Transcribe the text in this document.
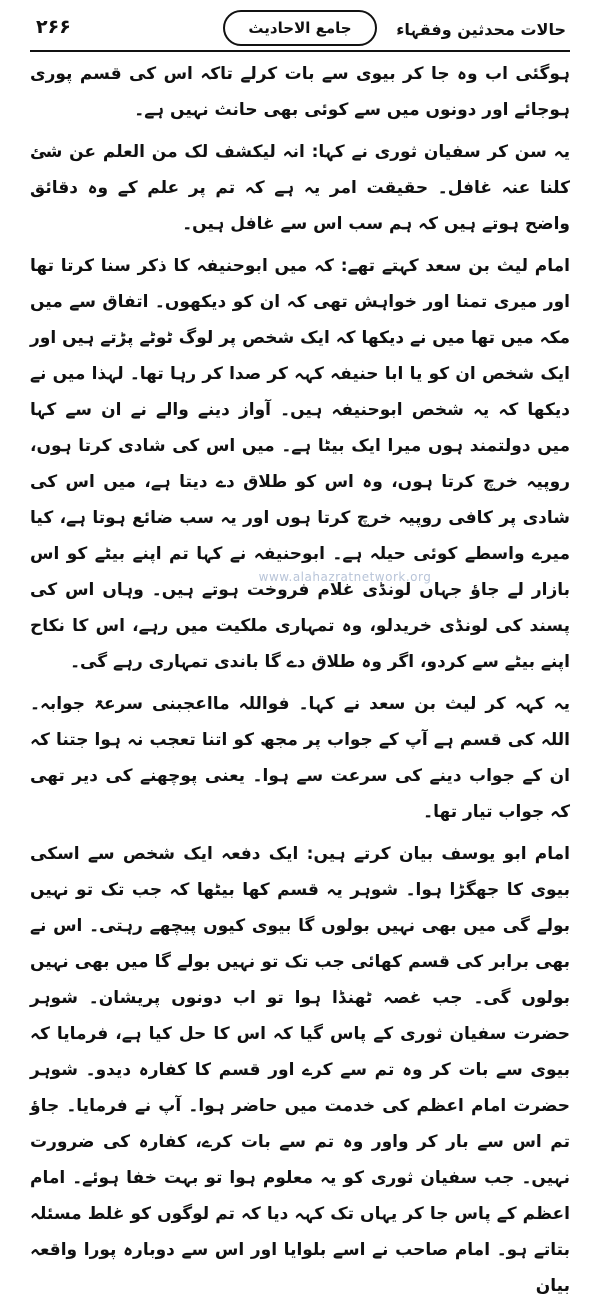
۲۶۶	جامع الاحادیث	حالات محدثین وفقہاء

ہوگئی اب وہ جا کر بیوی سے بات کرلے تاکہ اس کی قسم پوری ہوجائے اور دونوں میں سے کوئی بھی حانث نہیں ہے۔

یہ سن کر سفیان ثوری نے کہا: انہ لیکشف لک من العلم عن شئ کلنا عنہ غافل۔ حقیقت امر یہ ہے کہ تم پر علم کے وہ دقائق واضح ہوتے ہیں کہ ہم سب اس سے غافل ہیں۔

امام لیث بن سعد کہتے تھے: کہ میں ابوحنیفہ کا ذکر سنا کرتا تھا اور میری تمنا اور خواہش تھی کہ ان کو دیکھوں۔ اتفاق سے میں مکہ میں تھا میں نے دیکھا کہ ایک شخص پر لوگ ٹوٹے پڑتے ہیں اور ایک شخص ان کو یا ابا حنیفہ کہہ کر صدا کر رہا تھا۔ لہذا میں نے دیکھا کہ یہ شخص ابوحنیفہ ہیں۔ آواز دینے والے نے ان سے کہا میں دولتمند ہوں میرا ایک بیٹا ہے۔ میں اس کی شادی کرتا ہوں، روپیہ خرچ کرتا ہوں، وہ اس کو طلاق دے دیتا ہے، میں اس کی شادی پر کافی روپیہ خرچ کرتا ہوں اور یہ سب ضائع ہوتا ہے، کیا میرے واسطے کوئی حیلہ ہے۔ ابوحنیفہ نے کہا تم اپنے بیٹے کو اس بازار لے جاؤ جہاں لونڈی غلام فروخت ہوتے ہیں۔ وہاں اس کی پسند کی لونڈی خریدلو، وہ تمہاری ملکیت میں رہے، اس کا نکاح اپنے بیٹے سے کردو، اگر وہ طلاق دے گا باندی تمہاری رہے گی۔

یہ کہہ کر لیث بن سعد نے کہا۔ فواللہ مااعجبنی سرعۃ جوابہ۔ اللہ کی قسم ہے آپ کے جواب پر مجھ کو اتنا تعجب نہ ہوا جتنا کہ ان کے جواب دینے کی سرعت سے ہوا۔ یعنی پوچھنے کی دیر تھی کہ جواب تیار تھا۔

امام ابو یوسف بیان کرتے ہیں: ایک دفعہ ایک شخص سے اسکی بیوی کا جھگڑا ہوا۔ شوہر یہ قسم کھا بیٹھا کہ جب تک تو نہیں بولے گی میں بھی نہیں بولوں گا بیوی کیوں پیچھے رہتی۔ اس نے بھی برابر کی قسم کھائی جب تک تو نہیں بولے گا میں بھی نہیں بولوں گی۔ جب غصہ ٹھنڈا ہوا تو اب دونوں پریشان۔ شوہر حضرت سفیان ثوری کے پاس گیا کہ اس کا حل کیا ہے، فرمایا کہ بیوی سے بات کر وہ تم سے کرے اور قسم کا کفارہ دیدو۔ شوہر حضرت امام اعظم کی خدمت میں حاضر ہوا۔ آپ نے فرمایا۔ جاؤ تم اس سے بار کر واور وہ تم سے بات کرے، کفارہ کی ضرورت نہیں۔ جب سفیان ثوری کو یہ معلوم ہوا تو بہت خفا ہوئے۔ امام اعظم کے پاس جا کر یہاں تک کہہ دیا کہ تم لوگوں کو غلط مسئلہ بتاتے ہو۔ امام صاحب نے اسے بلوایا اور اس سے دوبارہ پورا واقعہ بیان

www.alahazratnetwork.org
